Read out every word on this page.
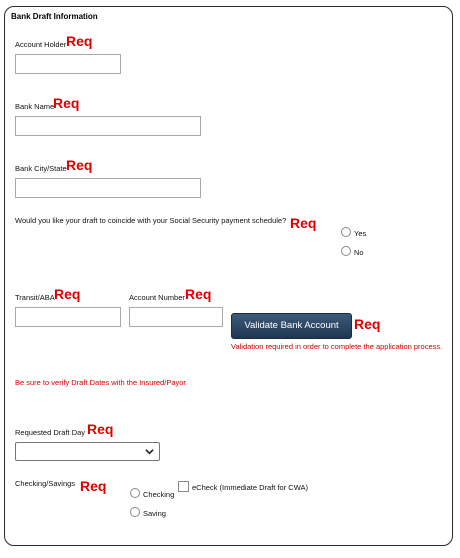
Bank Draft Information
Account Holder Req
Bank Name
Req
Bank City/State Req
Would you like your draft to coincide with your Social Security payment schedule? Req
Yes
No
Transit/ABA Req	Account Number Req
Validate Bank Account	Req
Validation required in order to complete the application process.
Be sure to verify Draft Dates with the Insured/Payor
Requested Draft Day Req
Checking/Savings Req
Checking
eCheck (Immediate Draft for CWA)
Saving
